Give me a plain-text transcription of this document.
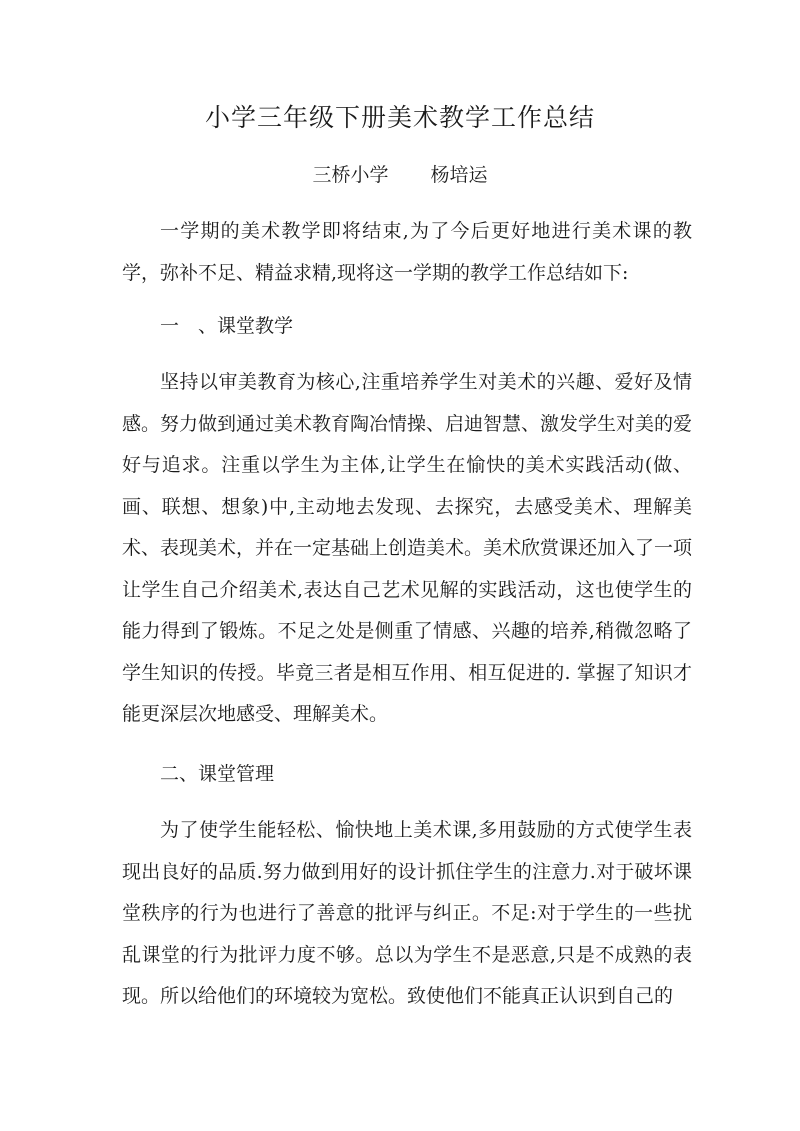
小学三年级下册美术教学工作总结
三桥小学 杨培运

一学期的美术教学即将结束,为了今后更好地进行美术课的教学，弥补不足、精益求精,现将这一学期的教学工作总结如下:

一　、课堂教学

坚持以审美教育为核心,注重培养学生对美术的兴趣、爱好及情感。努力做到通过美术教育陶冶情操、启迪智慧、激发学生对美的爱好与追求。注重以学生为主体,让学生在愉快的美术实践活动(做、画、联想、想象)中,主动地去发现、去探究，去感受美术、理解美术、表现美术，并在一定基础上创造美术。美术欣赏课还加入了一项让学生自己介绍美术,表达自己艺术见解的实践活动，这也使学生的能力得到了锻炼。不足之处是侧重了情感、兴趣的培养,稍微忽略了学生知识的传授。毕竟三者是相互作用、相互促进的. 掌握了知识才能更深层次地感受、理解美术。

二、课堂管理

为了使学生能轻松、愉快地上美术课,多用鼓励的方式使学生表现出良好的品质.努力做到用好的设计抓住学生的注意力.对于破坏课堂秩序的行为也进行了善意的批评与纠正。不足:对于学生的一些扰乱课堂的行为批评力度不够。总以为学生不是恶意,只是不成熟的表现。所以给他们的环境较为宽松。致使他们不能真正认识到自己的
